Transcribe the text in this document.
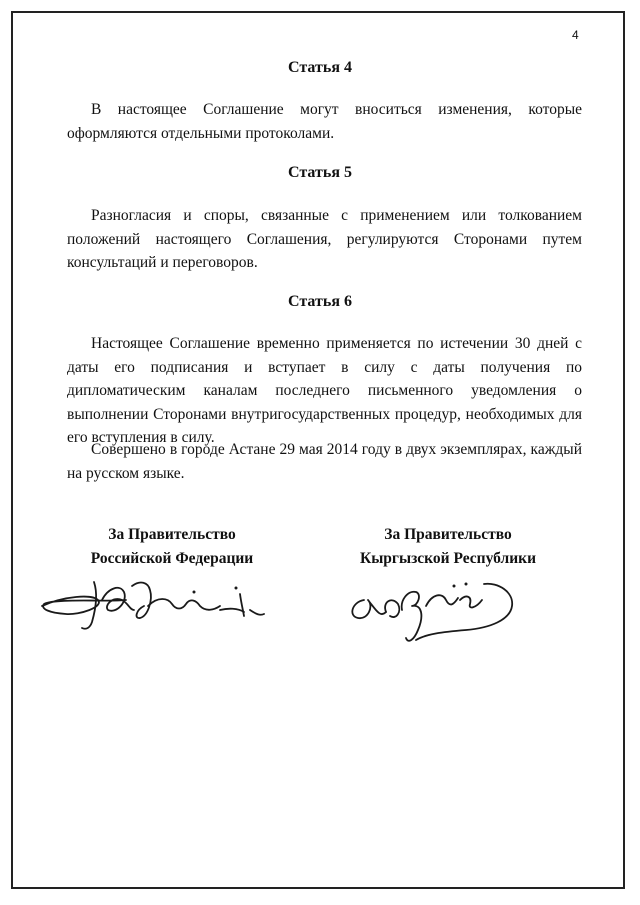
4
Статья 4

В настоящее Соглашение могут вноситься изменения, которые оформляются отдельными протоколами.

Статья 5

Разногласия и споры, связанные с применением или толкованием положений настоящего Соглашения, регулируются Сторонами путем консультаций и переговоров.

Статья 6

Настоящее Соглашение временно применяется по истечении 30 дней с даты его подписания и вступает в силу с даты получения по дипломатическим каналам последнего письменного уведомления о выполнении Сторонами внутригосударственных процедур, необходимых для его вступления в силу.

Совершено в городе Астане 29 мая 2014 году в двух экземплярах, каждый на русском языке.

За Правительство
Российской Федерации
За Правительство
Кыргызской Республики
